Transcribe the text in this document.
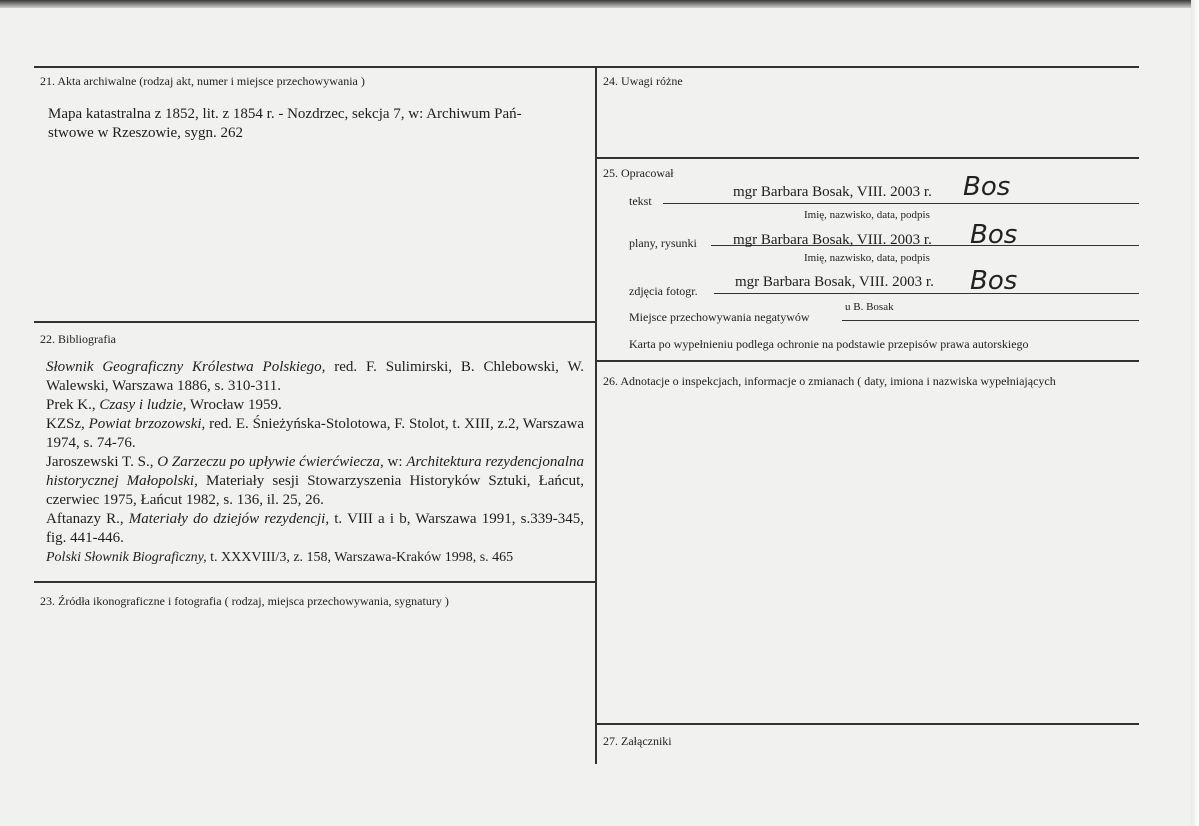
21. Akta archiwalne (rodzaj akt, numer i miejsce przechowywania )
Mapa katastralna z 1852, lit. z 1854 r. - Nozdrzec, sekcja 7, w: Archiwum Pań-
stwowe w Rzeszowie, sygn. 262
22. Bibliografia

Słownik Geograficzny Królestwa Polskiego, red. F. Sulimirski, B. Chlebowski, W. Walewski, Warszawa 1886, s. 310-311.

Prek K., Czasy i ludzie, Wrocław 1959.

KZSz, Powiat brzozowski, red. E. Śnieżyńska-Stolotowa, F. Stolot, t. XIII, z.2, Warszawa 1974, s. 74-76.

Jaroszewski T. S., O Zarzeczu po upływie ćwierćwiecza, w: Architektura rezydencjonalna historycznej Małopolski, Materiały sesji Stowarzyszenia Historyków Sztuki, Łańcut, czerwiec 1975, Łańcut 1982, s. 136, il. 25, 26.

Aftanazy R., Materiały do dziejów rezydencji, t. VIII a i b, Warszawa 1991, s.339-345, fig. 441-446.

Polski Słownik Biograficzny, t. XXXVIII/3, z. 158, Warszawa-Kraków 1998, s. 465

23. Źródła ikonograficzne i fotografia ( rodzaj, miejsca przechowywania, sygnatury )
24. Uwagi różne
25. Opracował
tekst
mgr Barbara Bosak, VIII. 2003 r. Bos
Imię, nazwisko, data, podpis
plany, rysunki mgr Barbara Bosak, VIII. 2003 r. Bos
Imię, nazwisko, data, podpis
zdjęcia fotogr.
mgr Barbara Bosak, VIII. 2003 r. Bos
Miejsce przechowywania negatywów
u B. Bosak
Karta po wypełnieniu podlega ochronie na podstawie przepisów prawa autorskiego
26. Adnotacje o inspekcjach, informacje o zmianach ( daty, imiona i nazwiska wypełniających
27. Załączniki
